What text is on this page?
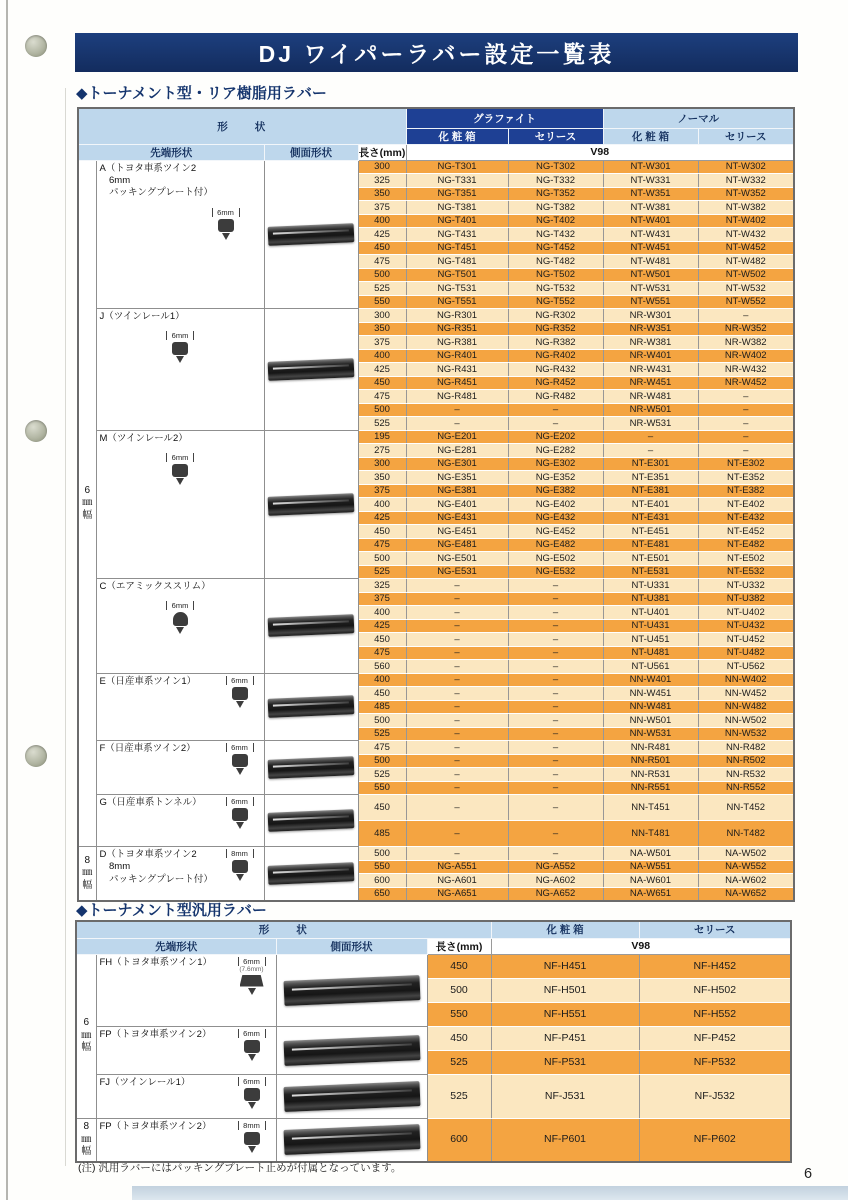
DJ ワイパーラバー設定一覧表
◆トーナメント型・リア樹脂用ラバー
形　　状				グラファイト		ノーマル	
				化 粧 箱	セリース	化 粧 箱	セリース
先端形状		側面形状	長さ(mm)	V98			

6
㎜
幅

A（トヨタ車系ツイン2
　6mm
　パッキングプレート付）
6mm

	300	NG-T301	NG-T302	NT-W301	NT-W302
			325	NG-T331	NG-T332	NT-W331	NT-W332
			350	NG-T351	NG-T352	NT-W351	NT-W352
			375	NG-T381	NG-T382	NT-W381	NT-W382
			400	NG-T401	NG-T402	NT-W401	NT-W402
			425	NG-T431	NG-T432	NT-W431	NT-W432
			450	NG-T451	NG-T452	NT-W451	NT-W452
			475	NG-T481	NG-T482	NT-W481	NT-W482
			500	NG-T501	NG-T502	NT-W501	NT-W502
			525	NG-T531	NG-T532	NT-W531	NT-W532
			550	NG-T551	NG-T552	NT-W551	NT-W552

	J（ツインレール1）
6mm		300	NG-R301	NG-R302	NR-W301	–
			350	NG-R351	NG-R352	NR-W351	NR-W352
			375	NG-R381	NG-R382	NR-W381	NR-W382
			400	NG-R401	NG-R402	NR-W401	NR-W402
			425	NG-R431	NG-R432	NR-W431	NR-W432
			450	NG-R451	NG-R452	NR-W451	NR-W452
			475	NG-R481	NG-R482	NR-W481	–
			500	–	–	NR-W501	–
			525	–	–	NR-W531	–

	M（ツインレール2）
6mm		195	NG-E201	NG-E202	–	–
			275	NG-E281	NG-E282	–	–
			300	NG-E301	NG-E302	NT-E301	NT-E302
			350	NG-E351	NG-E352	NT-E351	NT-E352
			375	NG-E381	NG-E382	NT-E381	NT-E382
			400	NG-E401	NG-E402	NT-E401	NT-E402
			425	NG-E431	NG-E432	NT-E431	NT-E432
			450	NG-E451	NG-E452	NT-E451	NT-E452
			475	NG-E481	NG-E482	NT-E481	NT-E482
			500	NG-E501	NG-E502	NT-E501	NT-E502
			525	NG-E531	NG-E532	NT-E531	NT-E532

	C（エアミックススリム）
6mm		325	–	–	NT-U331	NT-U332
			375	–	–	NT-U381	NT-U382
			400	–	–	NT-U401	NT-U402
			425	–	–	NT-U431	NT-U432
			450	–	–	NT-U451	NT-U452
			475	–	–	NT-U481	NT-U482
			560	–	–	NT-U561	NT-U562

	E（日産車系ツイン1） 6mm		400	–	–	NN-W401	NN-W402
			450	–	–	NN-W451	NN-W452
			485	–	–	NN-W481	NN-W482
			500	–	–	NN-W501	NN-W502
			525	–	–	NN-W531	NN-W532

	F（日産車系ツイン2） 6mm		475	–	–	NN-R481	NN-R482
			500	–	–	NN-R501	NN-R502
			525	–	–	NN-R531	NN-R532
			550	–	–	NN-R551	NN-R552

	G（日産車系トンネル） 6mm		450	–	–	NN-T451	NN-T452
			485	–	–	NN-T481	NN-T482

8
㎜
幅

D（トヨタ車系ツイン2
　8mm
　パッキングプレート付）
8mm		500	–	–	NA-W501	NA-W502
			550	NG-A551	NG-A552	NA-W551	NA-W552
			600	NG-A601	NG-A602	NA-W601	NA-W602
			650	NG-A651	NG-A652	NA-W651	NA-W652
◆トーナメント型汎用ラバー
形　　状				化 粧 箱	セリース
先端形状		側面形状	長さ(mm)	V98	

6
㎜
幅

FH（トヨタ車系ツイン1）	6mm
(7.6mm)		450	NF-H451	NF-H452
			500	NF-H501	NF-H502
			550	NF-H551	NF-H552

	FP（トヨタ車系ツイン2） 6mm		450	NF-P451	NF-P452
			525	NF-P531	NF-P532

	FJ（ツインレール1） 6mm		525	NF-J531	NF-J532

8
㎜
幅

FP（トヨタ車系ツイン2）	8mm

	600	NF-P601	NF-P602
(注) 汎用ラバーにはパッキングプレート止めが付属となっています。	6
